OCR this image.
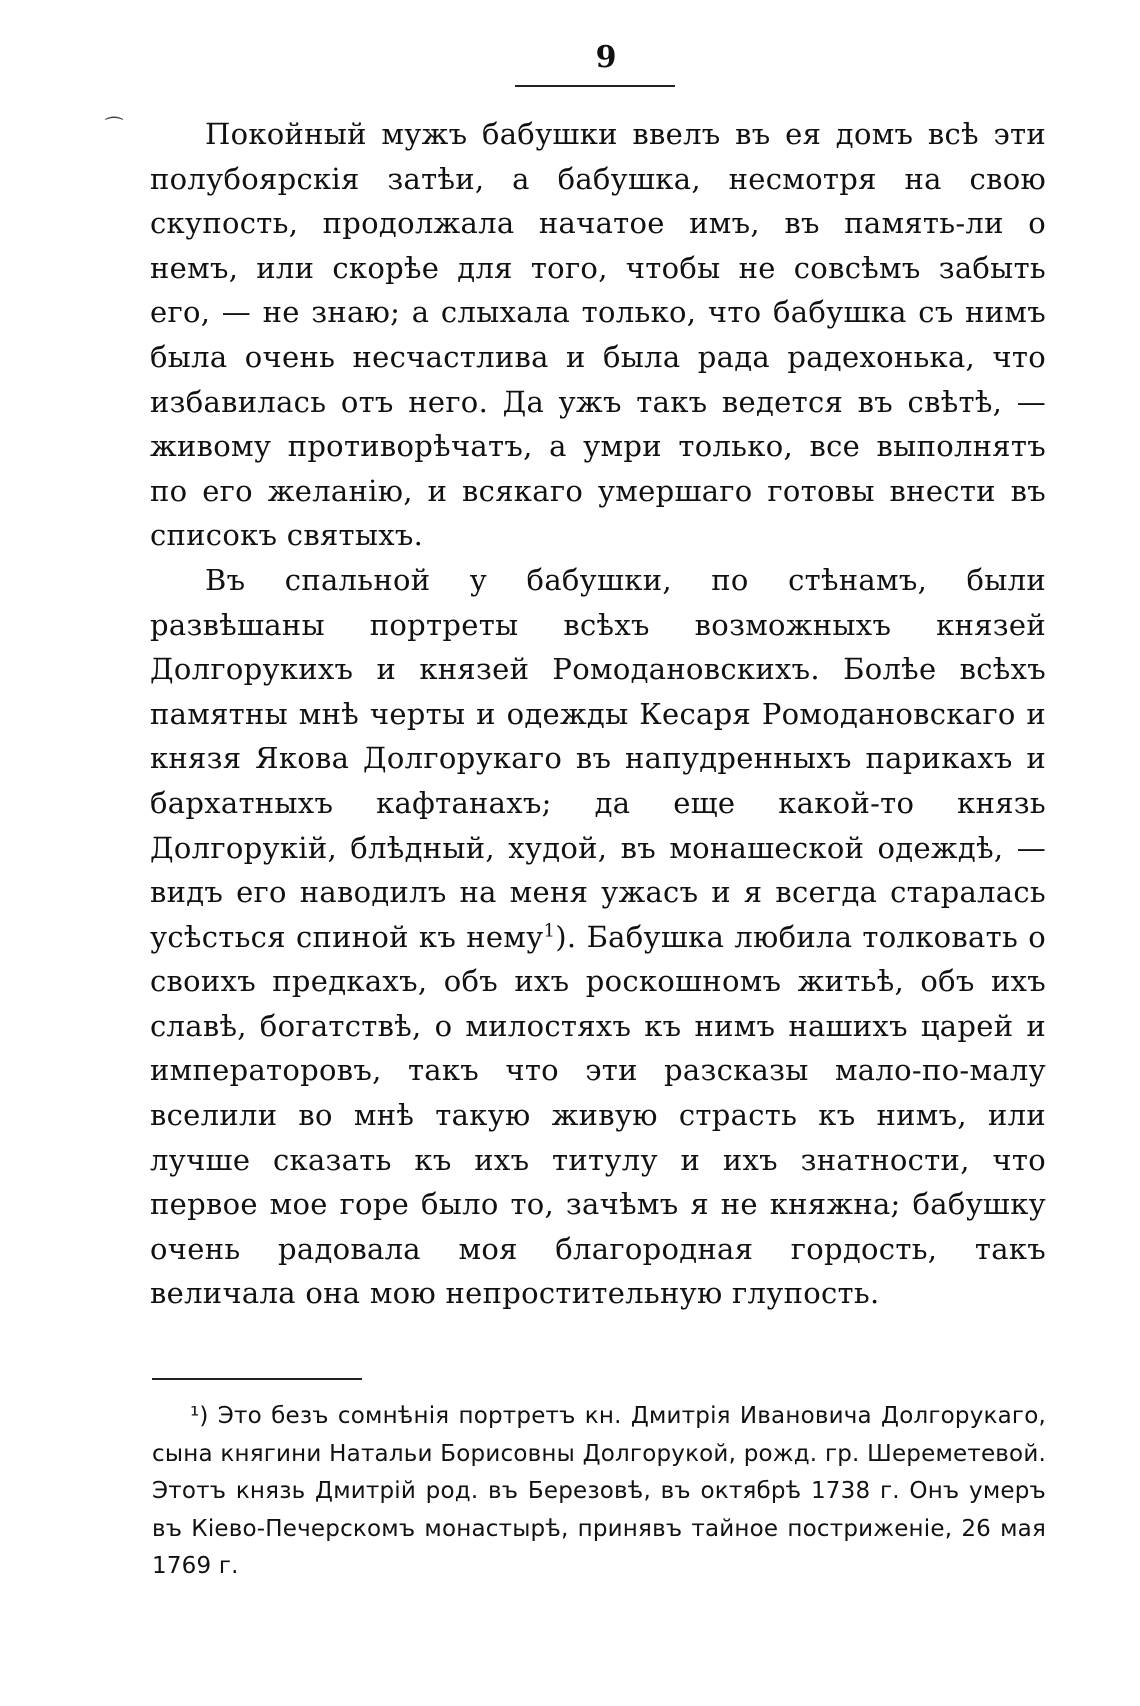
9
⁀	Покойный мужъ бабушки ввелъ въ ея домъ всѣ эти полубоярскія затѣи, а бабушка, несмотря на свою скупость, продолжала начатое имъ, въ память-ли о немъ, или скорѣе для того, чтобы не совсѣмъ забыть его, — не знаю; а слыхала только, что бабушка съ нимъ была очень несчастлива и была рада радехонька, что избавилась отъ него. Да ужъ такъ ведется въ свѣтѣ, — живому противорѣчатъ, а умри только, все выполнятъ по его желанію, и всякаго умершаго готовы внести въ списокъ святыхъ.

Въ спальной у бабушки, по стѣнамъ, были развѣшаны портреты всѣхъ возможныхъ князей Долгорукихъ и князей Ромодановскихъ. Болѣе всѣхъ памятны мнѣ черты и одежды Кесаря Ромодановскаго и князя Якова Долгорукаго въ напудренныхъ парикахъ и бархатныхъ кафтанахъ; да еще какой-то князь Долгорукій, блѣдный, худой, въ монашеской одеждѣ, — видъ его наводилъ на меня ужасъ и я всегда старалась усѣсться спиной къ нему$^1$). Бабушка любила толковать о своихъ предкахъ, объ ихъ роскошномъ житьѣ, объ ихъ славѣ, богатствѣ, о милостяхъ къ нимъ нашихъ царей и императоровъ, такъ что эти разсказы мало-по-малу вселили во мнѣ такую живую страсть къ нимъ, или лучше сказать къ ихъ титулу и ихъ знатности, что первое мое горе было то, зачѣмъ я не княжна; бабушку очень радовала моя благородная гордость, такъ величала она мою непростительную глупость.

¹) Это безъ сомнѣнія портретъ кн. Дмитрія Ивановича Долгорукаго, сына княгини Натальи Борисовны Долгорукой, рожд. гр. Шереметевой. Этотъ князь Дмитрій род. въ Березовѣ, въ октябрѣ 1738 г. Онъ умеръ въ Кіево-Печерскомъ монастырѣ, принявъ тайное постриженіе, 26 мая 1769 г.
